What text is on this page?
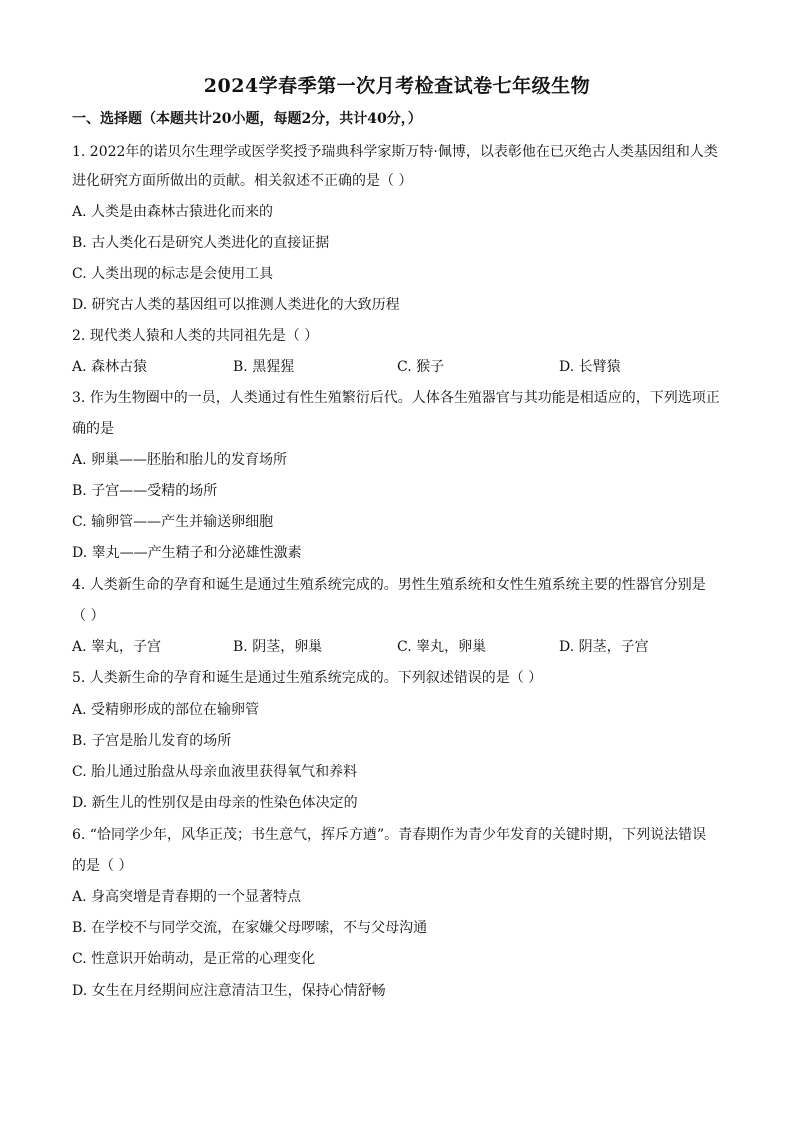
2024学春季第一次月考检查试卷七年级生物
一、选择题（本题共计20小题，每题2分，共计40分，）
1. 2022年的诺贝尔生理学或医学奖授予瑞典科学家斯万特·佩博，以表彰他在已灭绝古人类基因组和人类
进化研究方面所做出的贡献。相关叙述不正确的是（ ）
A. 人类是由森林古猿进化而来的
B. 古人类化石是研究人类进化的直接证据
C. 人类出现的标志是会使用工具
D. 研究古人类的基因组可以推测人类进化的大致历程
2. 现代类人猿和人类的共同祖先是（ ）
A. 森林古猿	B. 黑猩猩	C. 猴子	D. 长臂猿
3. 作为生物圈中的一员，人类通过有性生殖繁衍后代。人体各生殖器官与其功能是相适应的，下列选项正
确的是
A. 卵巢——胚胎和胎儿的发育场所
B. 子宫——受精的场所
C. 输卵管——产生并输送卵细胞
D. 睾丸——产生精子和分泌雄性激素
4. 人类新生命的孕育和诞生是通过生殖系统完成的。男性生殖系统和女性生殖系统主要的性器官分别是
（ ）
A. 睾丸，子宫	B. 阴茎，卵巢	C. 睾丸，卵巢	D. 阴茎，子宫
5. 人类新生命的孕育和诞生是通过生殖系统完成的。下列叙述错误的是（ ）
A. 受精卵形成的部位在输卵管
B. 子宫是胎儿发育的场所
C. 胎儿通过胎盘从母亲血液里获得氧气和养料
D. 新生儿的性别仅是由母亲的性染色体决定的
6. “恰同学少年，风华正茂；书生意气，挥斥方遒”。青春期作为青少年发育的关键时期，下列说法错误
的是（ ）
A. 身高突增是青春期的一个显著特点
B. 在学校不与同学交流，在家嫌父母啰嗦，不与父母沟通
C. 性意识开始萌动，是正常的心理变化
D. 女生在月经期间应注意清洁卫生，保持心情舒畅
